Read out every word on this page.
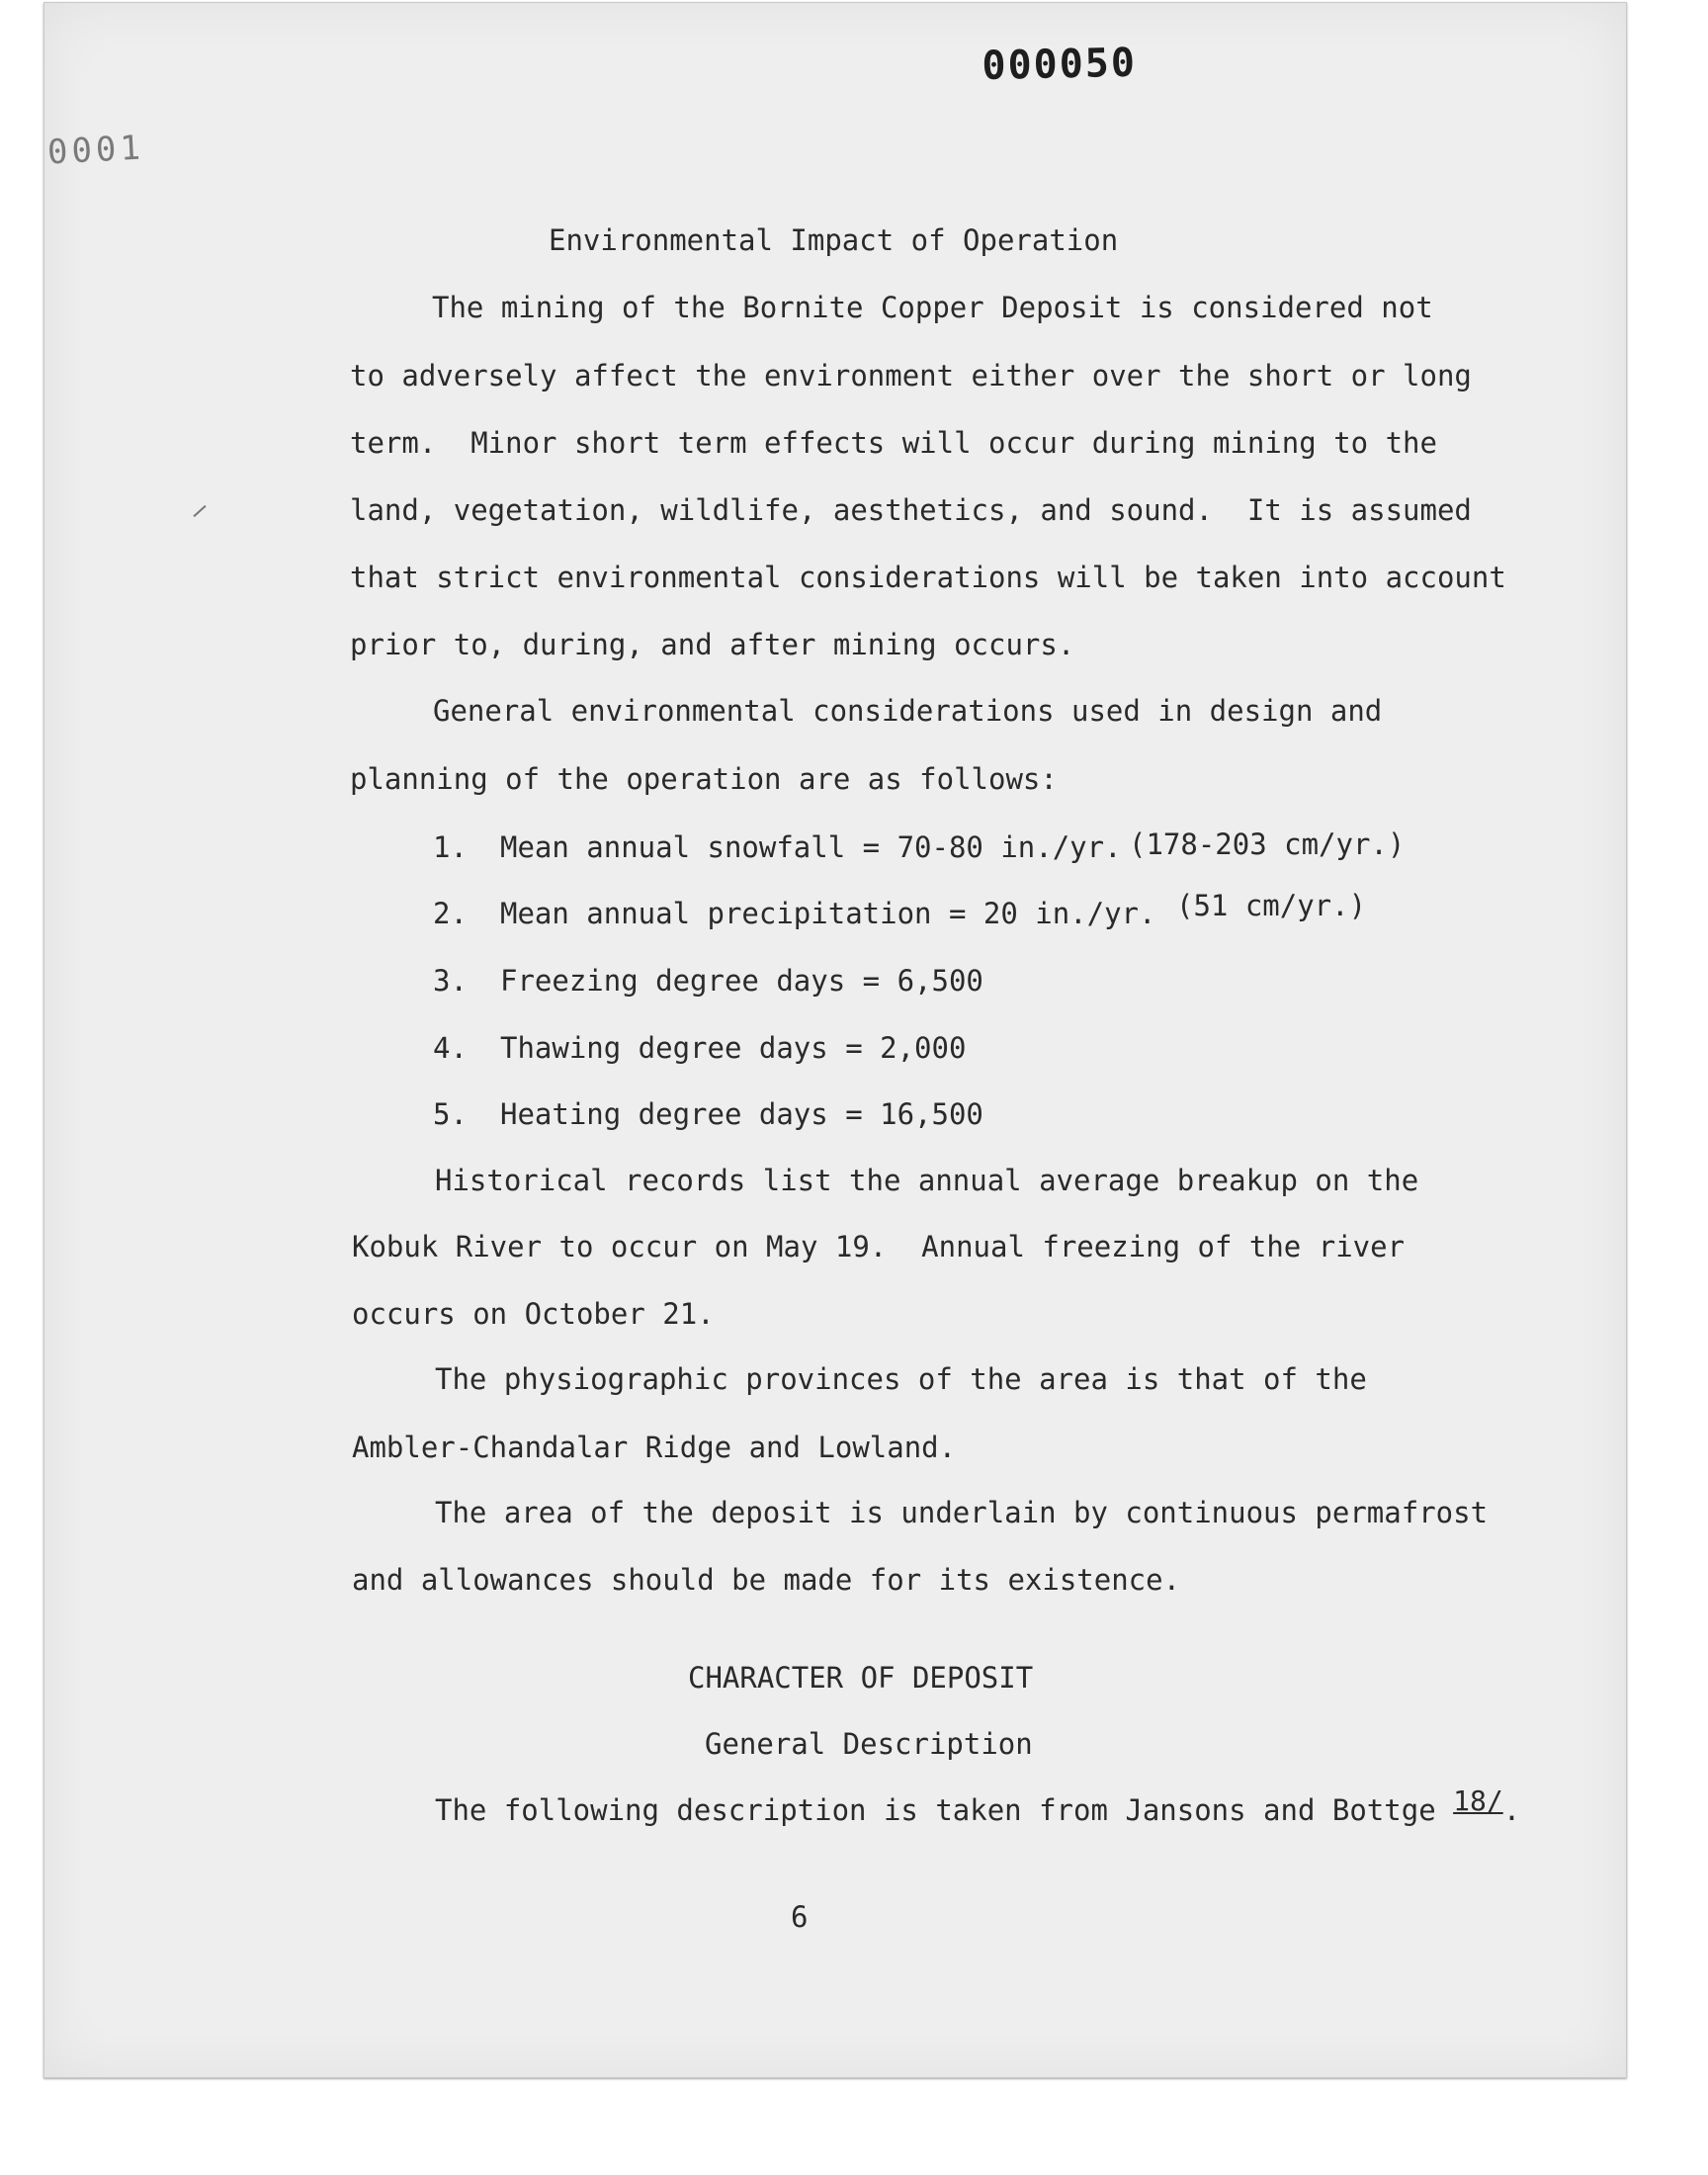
000050
0001
Environmental Impact of Operation
The mining of the Bornite Copper Deposit is considered not
to adversely affect the environment either over the short or long
term.  Minor short term effects will occur during mining to the
land, vegetation, wildlife, aesthetics, and sound.  It is assumed
that strict environmental considerations will be taken into account
prior to, during, and after mining occurs.
General environmental considerations used in design and
planning of the operation are as follows:
1. Mean annual snowfall = 70-80 in./yr. (178-203 cm/yr.)
2. Mean annual precipitation = 20 in./yr. (51 cm/yr.)
3. Freezing degree days = 6,500
4. Thawing degree days = 2,000
5. Heating degree days = 16,500
Historical records list the annual average breakup on the
Kobuk River to occur on May 19.  Annual freezing of the river
occurs on October 21.
The physiographic provinces of the area is that of the
Ambler-Chandalar Ridge and Lowland.
The area of the deposit is underlain by continuous permafrost
and allowances should be made for its existence.
CHARACTER OF DEPOSIT
General Description
The following description is taken from Jansons and Bottge 18/.
6
